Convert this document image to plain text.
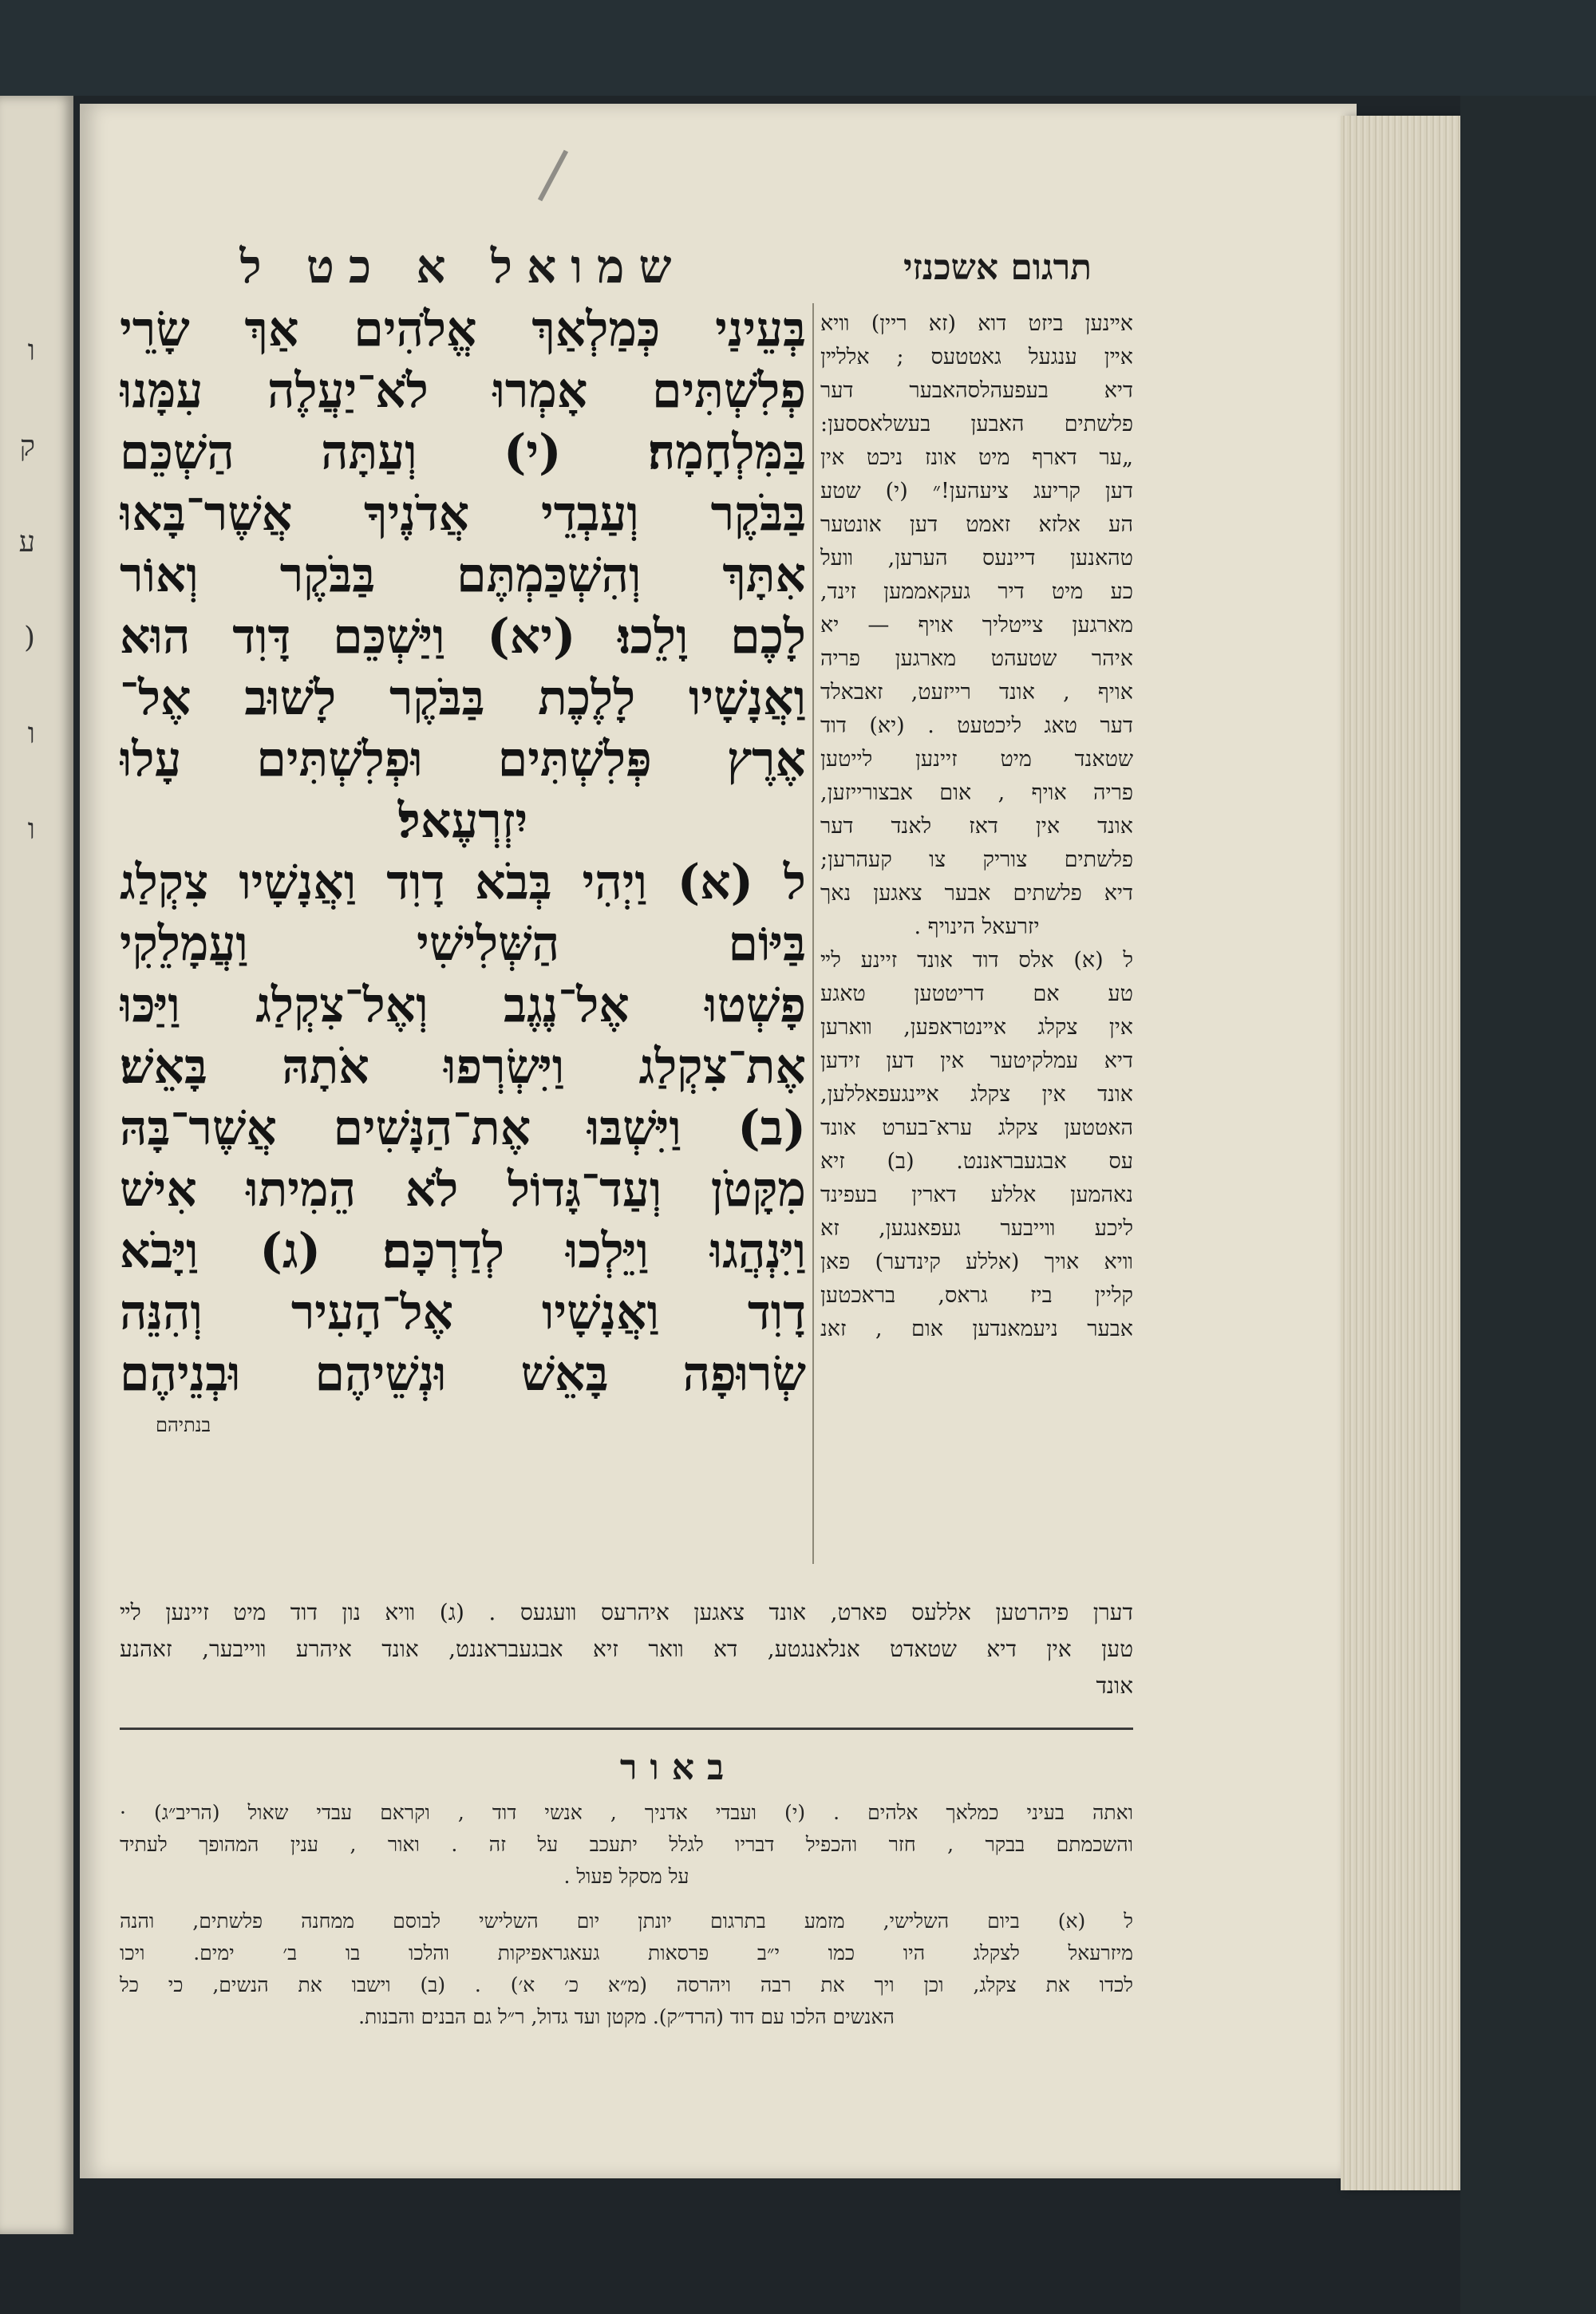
ו
ק
ע
(
ו
ו
שמואל א כט ל	תרגום אשכנזי
בְּעֵינַי כְּמַלְאַךְ אֱלֹהִים אַךְ שָׂרֵי
פְלִשְׁתִּים אָמְרוּ לֹא־יַעֲלֶה עִמָּנוּ
בַּמִּלְחָמָה׃ (י) וְעַתָּה הַשְׁכֵּם
בַּבֹּקֶר וְעַבְדֵי אֲדֹנֶיךָ אֲשֶׁר־בָּאוּ
אִתָּךְ וְהִשְׁכַּמְתֶּם בַּבֹּקֶר וְאוֹר
לָכֶם וָלֵכוּ׃ (יא) וַיַּשְׁכֵּם דָּוִד הוּא
וַאֲנָשָׁיו לָלֶכֶת בַּבֹּקֶר לָשׁוּב אֶל־
אֶרֶץ פְּלִשְׁתִּים וּפְלִשְׁתִּים עָלוּ
יִזְרְעֶאל׃
ל (א) וַיְהִי בְּבֹא דָוִד וַאֲנָשָׁיו צִקְלַג
בַּיּוֹם הַשְּׁלִישִׁי וַעֲמָלֵקִי
פָשְׁטוּ אֶל־נֶגֶב וְאֶל־צִקְלַג וַיַּכּוּ
אֶת־צִקְלַג וַיִּשְׂרְפוּ אֹתָהּ בָּאֵשׁ׃
(ב) וַיִּשְׁבּוּ אֶת־הַנָּשִׁים אֲשֶׁר־בָּהּ
מִקָּטֹן וְעַד־גָּדוֹל לֹא הֵמִיתוּ אִישׁ
וַיִּנְהֲגוּ וַיֵּלְכוּ לְדַרְכָּם׃ (ג) וַיָּבֹא
דָוִד וַאֲנָשָׁיו אֶל־הָעִיר וְהִנֵּה
שְׂרוּפָה בָּאֵשׁ וּנְשֵׁיהֶם וּבְנֵיהֶם
בנתיהם
אײנען ביזט דוא (זא ריין) װיא
אײן ענגעל גאטטעס ; אללײן
דיא בעפעהלסהאבער דער
פלשתים האבען בעשלאססען:
„ער דארף מיט אונז ניכט אין
דען קריעג ציעהען!״ (י) שטע
הע אלזא זאמט דען אונטער
טהאנען דיינעס הערען, װעל
כע מיט דיר געקאממען זינד,
מארגען צײטליך אויף — יא
איהר שטעהט מארגען פריה
אויף , אונד רייזעט, זאבאלד
דער טאג ליכטעט . (יא) דוד
שטאנד מיט זיינען לייטען
פריה אויף , אום אבצורייזען,
אונד אין דאז לאנד דער
פלשתים צוריק צו קעהרען;
דיא פלשתים אבער צאגען נאך
יזרעאל הינויף .
ל (א) אלס דוד אונד זיינע לײ
טע אם דריטטען טאגע
אין צקלג אײנטראפען, װארען
דיא עמלקיטער אין דען זידען
אונד אין צקלג אײנגעפאללען,
האטטען צקלג ערא־בערט אונד
עס אבגעבראננט. (ב) זיא
נאהמען אללע דארין בעפינד
ליכע װייבער געפאנגען, זא
װיא אויך (אללע קינדער) פאן
קליין ביז גראס, בראכטען
אבער ניעמאנדען אום , זאנ
דערן פיהרטען אללעס פארט, אונד צאגען איהרעס װעגעס . (ג) װיא נון דוד מיט זיינען לײ
טען אין דיא שטאדט אנלאנגטע, דא װאר זיא אבגעבראננט, אונד איהרע װייבער, זאהנע
אונד
באור
ואתה בעיני כמלאך אלהים . (י) ועבדי אדניך , אנשי דוד , וקראם עבדי שאול (הריב״ג) ·
והשכמתם בבקר , חזר והכפיל דבריו לגלל יתעכב על זה . ואור , ענין המהופך לעתיד
על מסקל פעול .
ל (א) ביום השלישי, מזמע בתרגום יונתן יום השלישי לבוסם ממחנה פלשתים, והנה
מיזרעאל לצקלג היו כמו י״ב פרסאות געאגראפיקות והלכו בו ב׳ ימים. ויכו
לכדו את צקלג, וכן ויך את רבה ויהרסה (מ״א כ׳ א׳) . (ב) וישבו את הנשים, כי כל
האנשים הלכו עם דוד (הרד״ק). מקטן ועד גדול, ר״ל גם הבנים והבנות.
